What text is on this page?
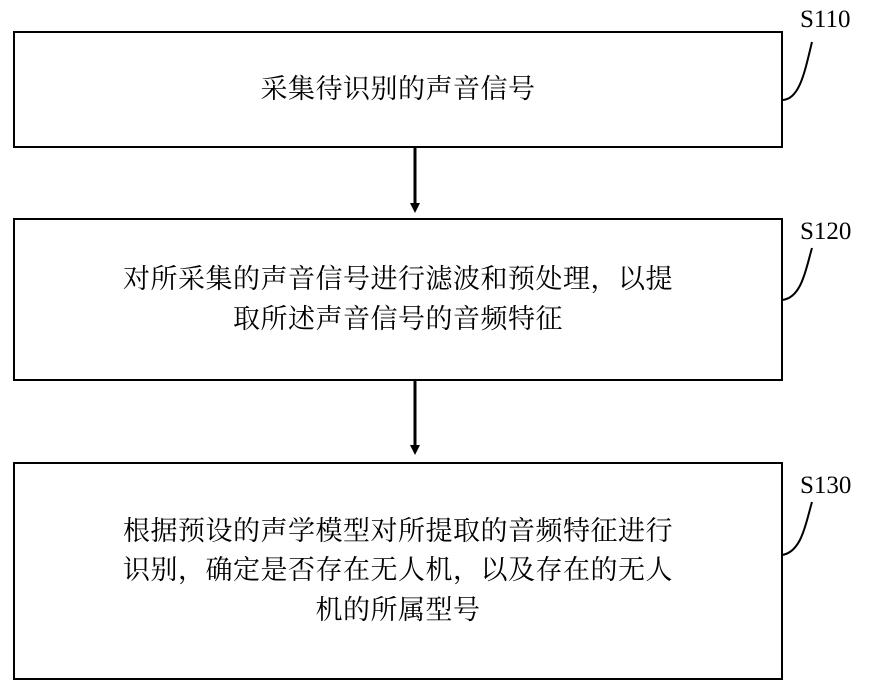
采集待识别的声音信号
对所采集的声音信号进行滤波和预处理，以提
取所述声音信号的音频特征
根据预设的声学模型对所提取的音频特征进行
识别，确定是否存在无人机，以及存在的无人
机的所属型号
S110
S120
S130
